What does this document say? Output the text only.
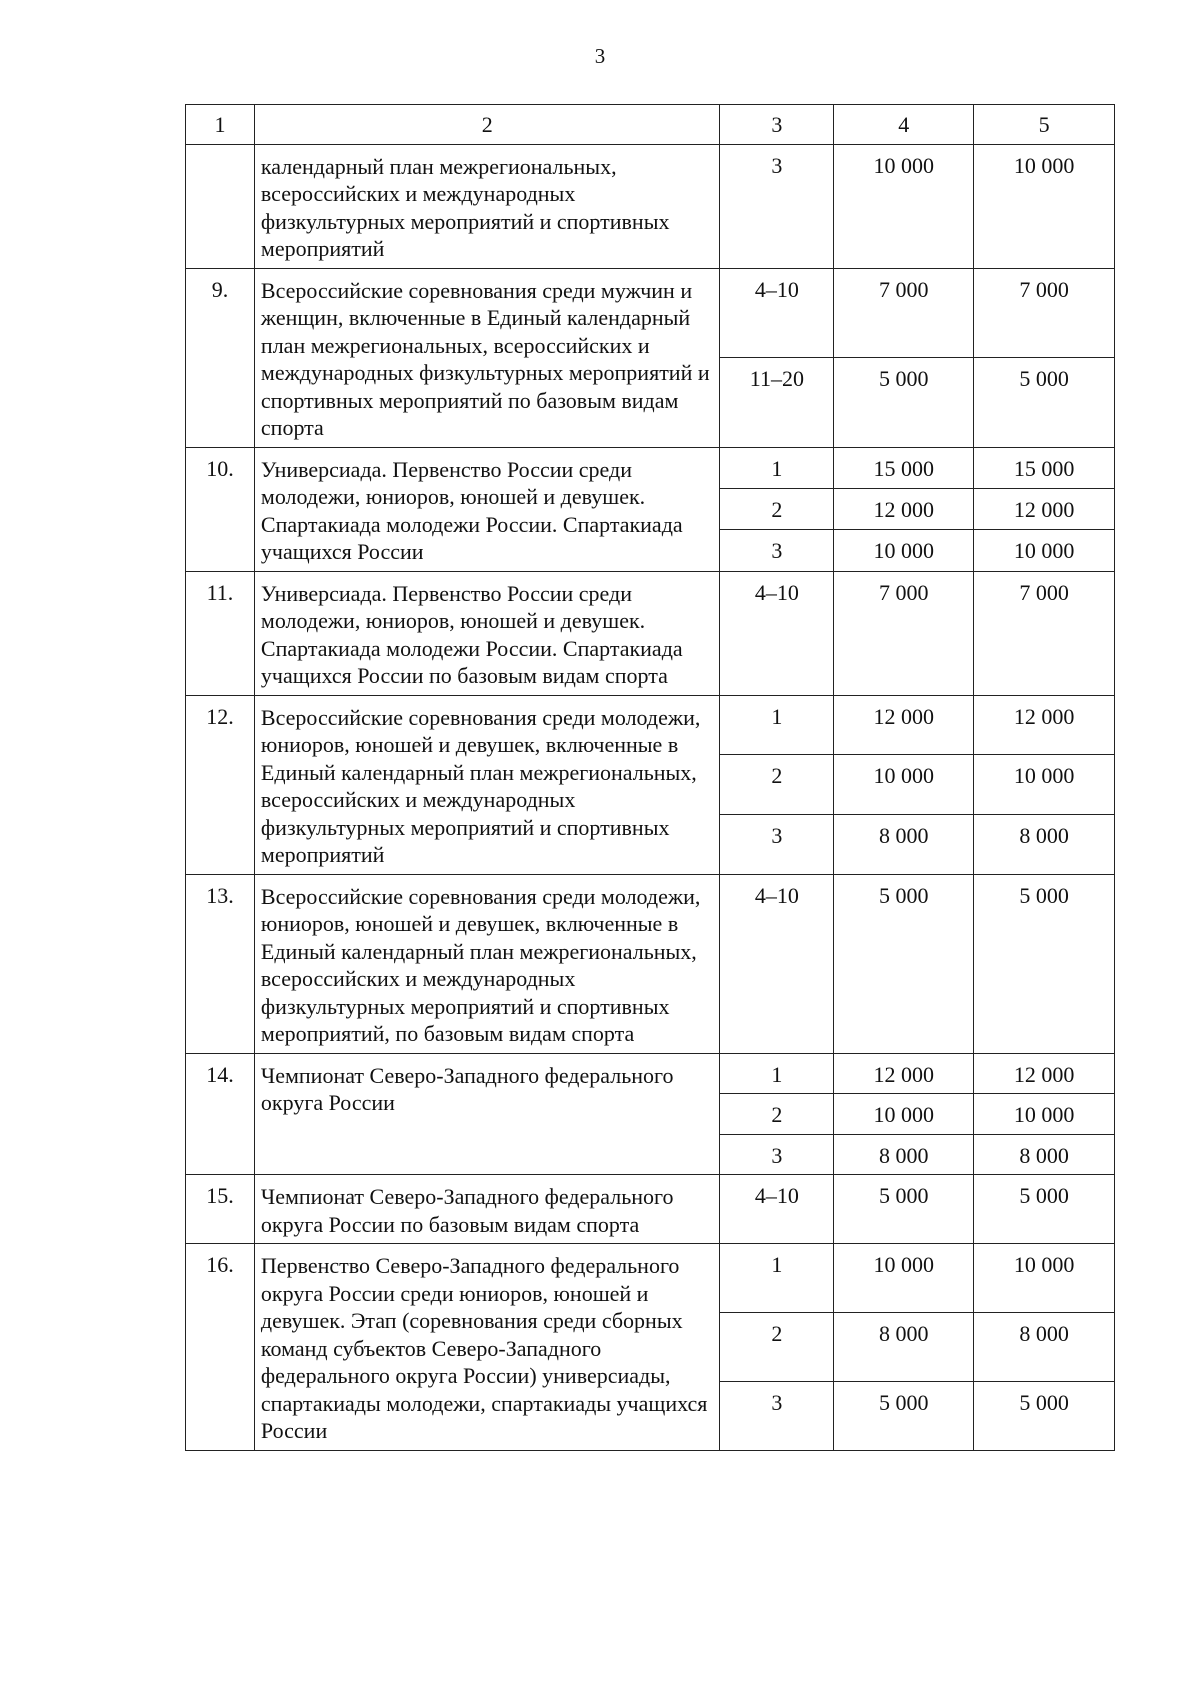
3
1	2	3	4	5
	календарный план межрегиональных, всероссийских и международных физкультурных мероприятий и спортивных мероприятий	3	10 000	10 000
9.	Всероссийские соревнования среди мужчин и женщин, включенные в Единый календарный план межрегиональных, всероссийских и международных физкультурных мероприятий и спортивных мероприятий по базовым видам спорта	4–10	7 000	7 000
		11–20	5 000	5 000
10.	Универсиада. Первенство России среди молодежи, юниоров, юношей и девушек. Спартакиада молодежи России. Спартакиада учащихся России	1	15 000	15 000
		2	12 000	12 000
		3	10 000	10 000
11.	Универсиада. Первенство России среди молодежи, юниоров, юношей и девушек. Спартакиада молодежи России. Спартакиада учащихся России по базовым видам спорта	4–10	7 000	7 000
12.	Всероссийские соревнования среди молодежи, юниоров, юношей и девушек, включенные в Единый календарный план межрегиональных, всероссийских и международных физкультурных мероприятий и спортивных мероприятий	1	12 000	12 000
		2	10 000	10 000
		3	8 000	8 000
13.	Всероссийские соревнования среди молодежи, юниоров, юношей и девушек, включенные в Единый календарный план межрегиональных, всероссийских и международных физкультурных мероприятий и спортивных мероприятий, по базовым видам спорта	4–10	5 000	5 000
14.	Чемпионат Северо-Западного федерального округа России	1	12 000	12 000
		2	10 000	10 000
		3	8 000	8 000
15.	Чемпионат Северо-Западного федерального округа России по базовым видам спорта	4–10	5 000	5 000
16.	Первенство Северо-Западного федерального округа России среди юниоров, юношей и девушек. Этап (соревнования среди сборных команд субъектов Северо-Западного федерального округа России) универсиады, спартакиады молодежи, спартакиады учащихся России	1	10 000	10 000
		2	8 000	8 000
		3	5 000	5 000
